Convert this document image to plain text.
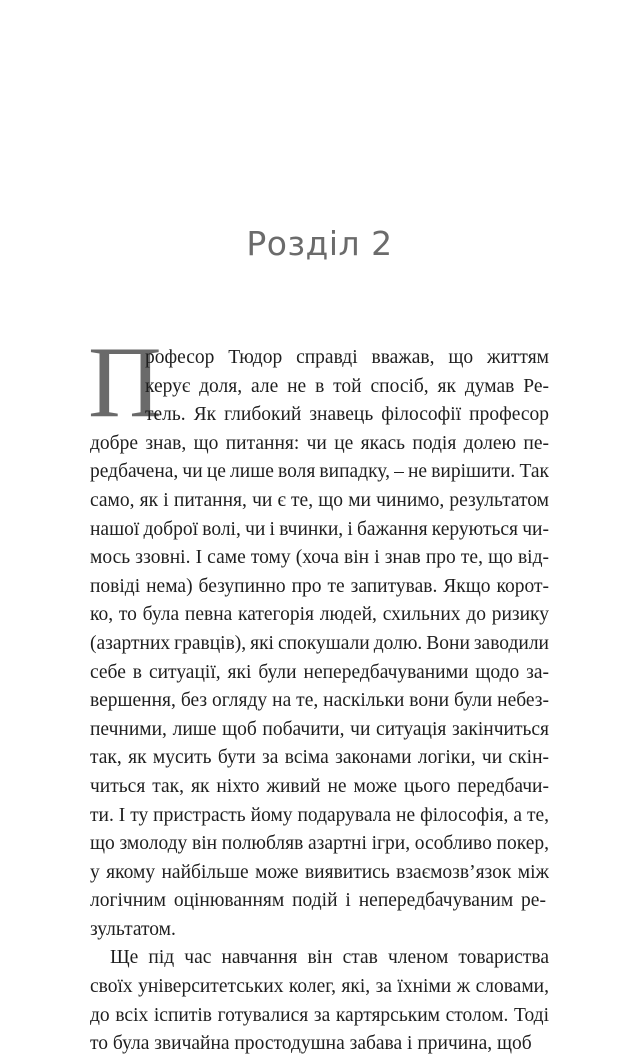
Розділ 2
П
рофесор Тюдор справді вважав, що життям
керує доля, але не в той спосіб, як думав Ре-
тель. Як глибокий знавець філософії професор
добре знав, що питання: чи це якась подія долею пе-
редбачена, чи це лише воля випадку, – не вирішити. Так
само, як і питання, чи є те, що ми чинимо, результатом
нашої доброї волі, чи і вчинки, і бажання керуються чи-
мось ззовні. І саме тому (хоча він і знав про те, що від-
повіді нема) безупинно про те запитував. Якщо корот-
ко, то була певна категорія людей, схильних до ризику
(азартних гравців), які спокушали долю. Вони заводили
себе в ситуації, які були непередбачуваними щодо за-
вершення, без огляду на те, наскільки вони були небез-
печними, лише щоб побачити, чи ситуація закінчиться
так, як мусить бути за всіма законами логіки, чи скін-
читься так, як ніхто живий не може цього передбачи-
ти. І ту пристрасть йому подарувала не філософія, а те,
що змолоду він полюбляв азартні ігри, особливо покер,
у якому найбільше може виявитись взаємозв’язок між
логічним оцінюванням подій і непередбачуваним ре-
зультатом.
Ще під час навчання він став членом товариства
своїх університетських колег, які, за їхніми ж словами,
до всіх іспитів готувалися за картярським столом. Тоді
то була звичайна простодушна забава і причина, щоб
